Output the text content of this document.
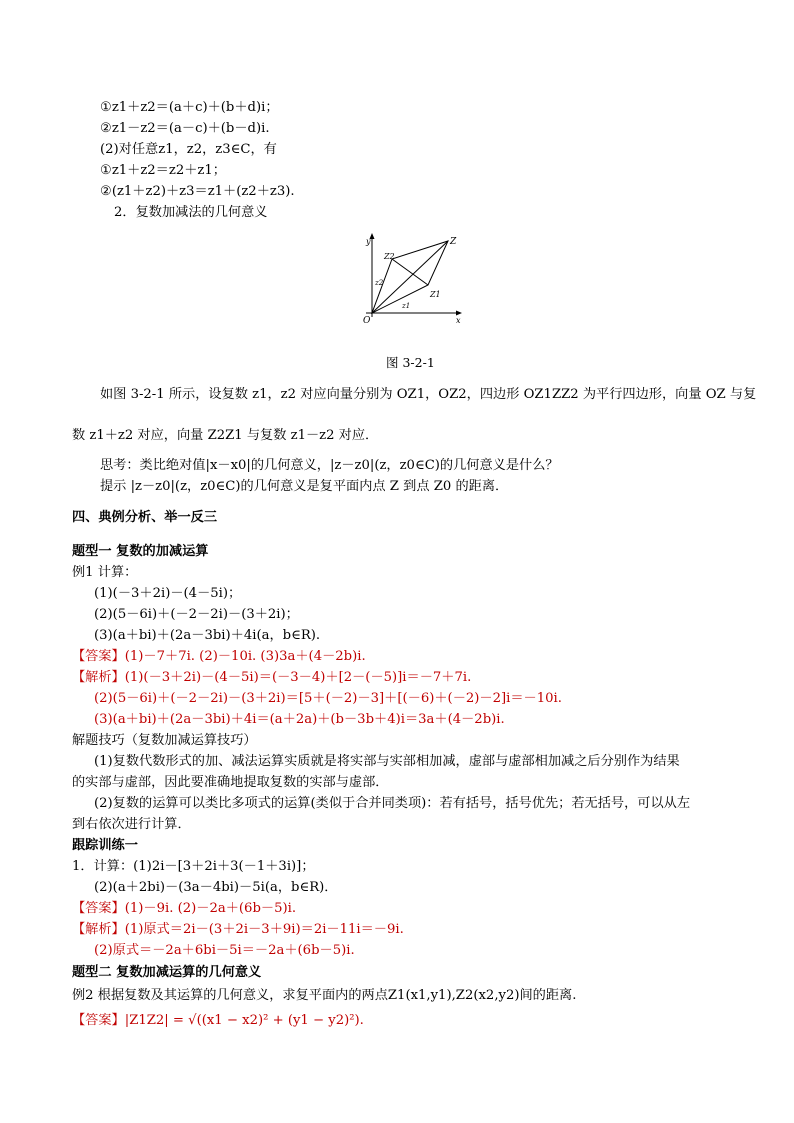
①z1＋z2＝(a＋c)＋(b＋d)i；
②z1－z2＝(a－c)＋(b－d)i.
(2)对任意z1，z2，z3∈C，有
①z1＋z2＝z2＋z1；
②(z1＋z2)＋z3＝z1＋(z2＋z3).
2．复数加减法的几何意义
y
x
O
Z
Z1
Z2
z1
z2
图 3-2-1
如图 3-2-1 所示，设复数 z1，z2 对应向量分别为 OZ1，OZ2，四边形 OZ1ZZ2 为平行四边形，向量 OZ 与复
数 z1＋z2 对应，向量 Z2Z1 与复数 z1－z2 对应．
思考：类比绝对值|x－x0|的几何意义，|z－z0|(z，z0∈C)的几何意义是什么？
提示 |z－z0|(z，z0∈C)的几何意义是复平面内点 Z 到点 Z0 的距离．
四、典例分析、举一反三
题型一 复数的加减运算
例1 计算：
(1)(－3＋2i)－(4－5i)；
(2)(5－6i)＋(－2－2i)－(3＋2i)；
(3)(a＋bi)＋(2a－3bi)＋4i(a，b∈R).
【答案】(1)－7＋7i. (2)－10i. (3)3a＋(4－2b)i.
【解析】(1)(－3＋2i)－(4－5i)＝(－3－4)＋[2－(－5)]i＝－7＋7i.
(2)(5－6i)＋(－2－2i)－(3＋2i)＝[5＋(－2)－3]＋[(－6)＋(－2)－2]i＝－10i.
(3)(a＋bi)＋(2a－3bi)＋4i＝(a＋2a)＋(b－3b＋4)i＝3a＋(4－2b)i.
解题技巧（复数加减运算技巧）
(1)复数代数形式的加、减法运算实质就是将实部与实部相加减，虚部与虚部相加减之后分别作为结果
的实部与虚部，因此要准确地提取复数的实部与虚部．
(2)复数的运算可以类比多项式的运算(类似于合并同类项)：若有括号，括号优先；若无括号，可以从左
到右依次进行计算．
跟踪训练一
1．计算：(1)2i－[3＋2i＋3(－1＋3i)]；
(2)(a＋2bi)－(3a－4bi)－5i(a，b∈R)．
【答案】(1)－9i. (2)－2a＋(6b－5)i.
【解析】(1)原式＝2i－(3＋2i－3＋9i)＝2i－11i＝－9i.
(2)原式＝－2a＋6bi－5i＝－2a＋(6b－5)i.
题型二 复数加减运算的几何意义
例2 根据复数及其运算的几何意义，求复平面内的两点Z1(x1,y1),Z2(x2,y2)间的距离.
【答案】|Z1Z2| = √((x1 − x2)² + (y1 − y2)²).
